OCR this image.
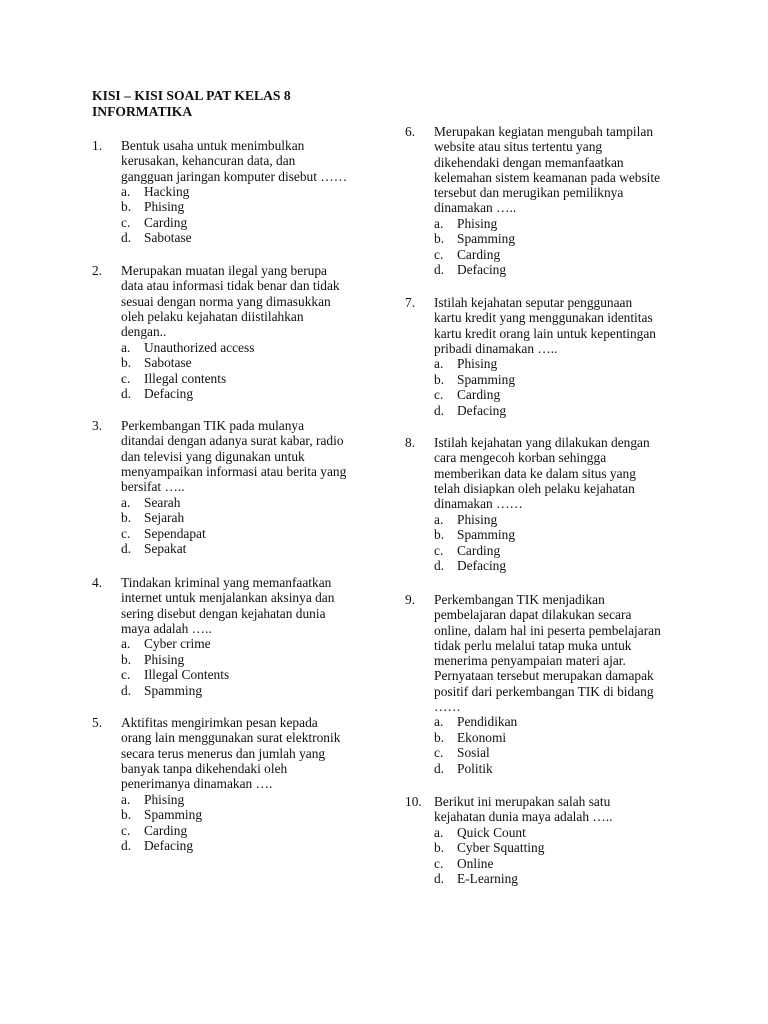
KISI – KISI SOAL PAT KELAS 8
INFORMATIKA
1. Bentuk usaha untuk menimbulkan
kerusakan, kehancuran data, dan
gangguan jaringan komputer disebut ……
a. Hacking
b. Phising
c. Carding
d. Sabotase
2. Merupakan muatan ilegal yang berupa
data atau informasi tidak benar dan tidak
sesuai dengan norma yang dimasukkan
oleh pelaku kejahatan diistilahkan
dengan..
a. Unauthorized access
b. Sabotase
c. Illegal contents
d. Defacing
3. Perkembangan TIK pada mulanya
ditandai dengan adanya surat kabar, radio
dan televisi yang digunakan untuk
menyampaikan informasi atau berita yang
bersifat …..
a. Searah
b. Sejarah
c. Sependapat
d. Sepakat
4. Tindakan kriminal yang memanfaatkan
internet untuk menjalankan aksinya dan
sering disebut dengan kejahatan dunia
maya adalah …..
a. Cyber crime
b. Phising
c. Illegal Contents
d. Spamming
5. Aktifitas mengirimkan pesan kepada
orang lain menggunakan surat elektronik
secara terus menerus dan jumlah yang
banyak tanpa dikehendaki oleh
penerimanya dinamakan ….
a. Phising
b. Spamming
c. Carding
d. Defacing
6. Merupakan kegiatan mengubah tampilan
website atau situs tertentu yang
dikehendaki dengan memanfaatkan
kelemahan sistem keamanan pada website
tersebut dan merugikan pemiliknya
dinamakan …..
a. Phising
b. Spamming
c. Carding
d. Defacing
7. Istilah kejahatan seputar penggunaan
kartu kredit yang menggunakan identitas
kartu kredit orang lain untuk kepentingan
pribadi dinamakan …..
a. Phising
b. Spamming
c. Carding
d. Defacing
8. Istilah kejahatan yang dilakukan dengan
cara mengecoh korban sehingga
memberikan data ke dalam situs yang
telah disiapkan oleh pelaku kejahatan
dinamakan ……
a. Phising
b. Spamming
c. Carding
d. Defacing
9. Perkembangan TIK menjadikan
pembelajaran dapat dilakukan secara
online, dalam hal ini peserta pembelajaran
tidak perlu melalui tatap muka untuk
menerima penyampaian materi ajar.
Pernyataan tersebut merupakan damapak
positif dari perkembangan TIK di bidang
……
a. Pendidikan
b. Ekonomi
c. Sosial
d. Politik
10. Berikut ini merupakan salah satu
kejahatan dunia maya adalah …..
a. Quick Count
b. Cyber Squatting
c. Online
d. E-Learning
